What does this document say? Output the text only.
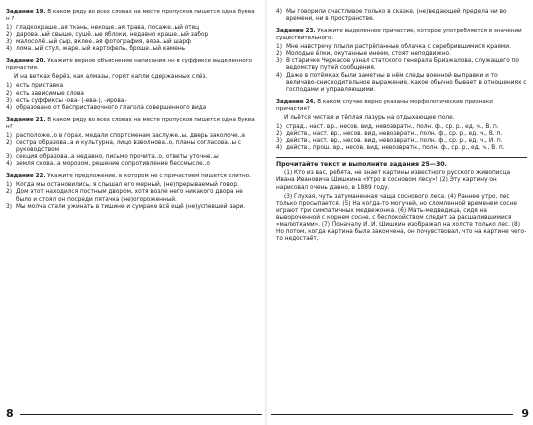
Задание 19. В каком ряду во всех словах на месте пропусков пишется одна буква н ?
1) гладкокраше..ая ткань, некоше..ая трава, посаже..ый отец
2) дарова..ый свыше, сушё..ые яблоки, недавно краше..ый забор
3) малосолё..ый сыр, вклее..ая фотография, вяза..ый шарф
4) лома..ый стул, жаре..ый картофель, броше..ый камень
Задание 20. Укажите верное объяснение написания нн в суффиксе выделенного причастия.
И на ветках берёз, как алмазы, горят капли сдержанных слёз.
1) есть приставка
2) есть зависимые слова
3) есть суффиксы -ова- (-ева-), -ирова-
4) образовано от бесприставочного глагола совершенного вида
Задание 21. В каком ряду во всех словах на месте пропусков пишется одна буква н?
1) расположе..о в горах, медали спортсменам заслуже..ы, дверь заколоче..а
2) сестра образова..а и культурна, лицо взволнова..о, планы согласова..ы с руководством
3) секция образова..а недавно, письмо прочита..о, ответы уточне..ы
4) земля скова..а морозом, решение сопротивление бессмысле..о
Задание 22. Укажите предложение, в котором не с причастием пишется слитно.
1) Когда мы остановились, я слышал его мерный, (не)прерываемый говор.
2) Дом этот находился постным двором, хотя возле него никакого двора не было и стоял он посреди пятачка (не)огороженный.
3) Мы молча стали ужинать в тишине и сумраке всё ещё (не)успевшей зари.
8
4) Мы говорили счастливое только в сказке, (не)ведающей предела ни во времени, ни в пространстве.
Задание 23. Укажите выделенное причастие, которое употребляется в значении существительного.
1) Мне навстречу плыли растрёпанные облачка с серебрившимися краями.
2) Молодые ёлки, окутанные инеем, стоят неподвижно.
3) В старичке Черкасов узнал статского генерала Бризжалова, служащего по ведомству путей сообщения.
4) Даже в потёмках были заметны в нём следы военной выправки и то величаво-снисходительное выражение, какое обычно бывает в отношениях с господами и управляющими.
Задание 24. В каком случае верно указаны морфологические признаки причастия?
И льётся чистая и тёплая лазурь на отдыхающее поле.
1) страд., наст. вр., несов. вид, невозвратн., полн. ф., ср. р., ед. ч., В. п.
2) действ., наст. вр., несов. вид, невозвратн., полн. ф., ср. р., ед. ч., В. п.
3) действ., наст. вр., несов. вид, невозвратн., полн. ф., ср. р., ед. ч., И. п.
4) действ., прош. вр., несов. вид, невозвратн., полн. ф., ср. р., ед. ч., В. п.
Прочитайте текст и выполните задания 25—30.
(1) Кто из вас, ребята, не знает картины известного русского живописца Ивана Ивановича Шишкина «Утро в сосновом лесу»! (2) Эту картину он нарисовал очень давно, в 1889 году.
(3) Глухая, чуть затуманенная чаща соснового леса. (4) Раннее утро, лес только просыпается. (5) На когда-то могучей, но сломленной временем сосне играют три симпатичных медвежонка. (6) Мать-медведица, сидя на вывороченной с корнем сосне, с беспокойством следит за расшалившимися «малютками». (7) Поначалу И. И. Шишкин изображал на холсте только лес. (8) Но потом, когда картина была закончена, он почувствовал, что на картине чего-то недостаёт,
9
